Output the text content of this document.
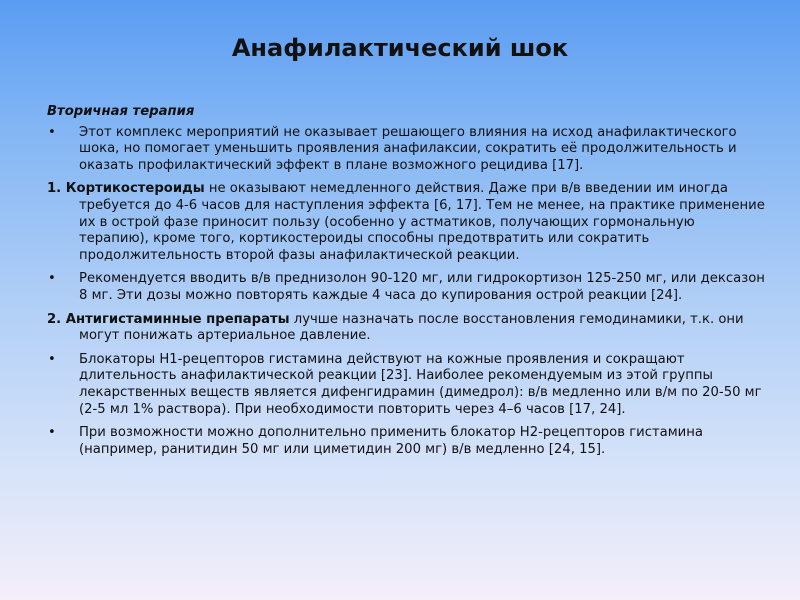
Анафилактический шок
Вторичная терапия
• Этот комплекс мероприятий не оказывает решающего влияния на исход анафилактического шока, но помогает уменьшить проявления анафилаксии, сократить её продолжительность и оказать профилактический эффект в плане возможного рецидива [17].
1. Кортикостероиды не оказывают немедленного действия. Даже при в/в введении им иногда требуется до 4-6 часов для наступления эффекта [6, 17]. Тем не менее, на практике применение их в острой фазе приносит пользу (особенно у астматиков, получающих гормональную терапию), кроме того, кортикостероиды способны предотвратить или сократить продолжительность второй фазы анафилактической реакции.
• Рекомендуется вводить в/в преднизолон 90-120 мг, или гидрокортизон 125-250 мг, или дексазон 8 мг. Эти дозы можно повторять каждые 4 часа до купирования острой реакции [24].
2. Антигистаминные препараты лучше назначать после восстановления гемодинамики, т.к. они могут понижать артериальное давление.
• Блокаторы Н1-рецепторов гистамина действуют на кожные проявления и сокращают длительность анафилактической реакции [23]. Наиболее рекомендуемым из этой группы лекарственных веществ является дифенгидрамин (димедрол): в/в медленно или в/м по 20-50 мг (2-5 мл 1% раствора). При необходимости повторить через 4–6 часов [17, 24].
• При возможности можно дополнительно применить блокатор Н2-рецепторов гистамина (например, ранитидин 50 мг или циметидин 200 мг) в/в медленно [24, 15].
